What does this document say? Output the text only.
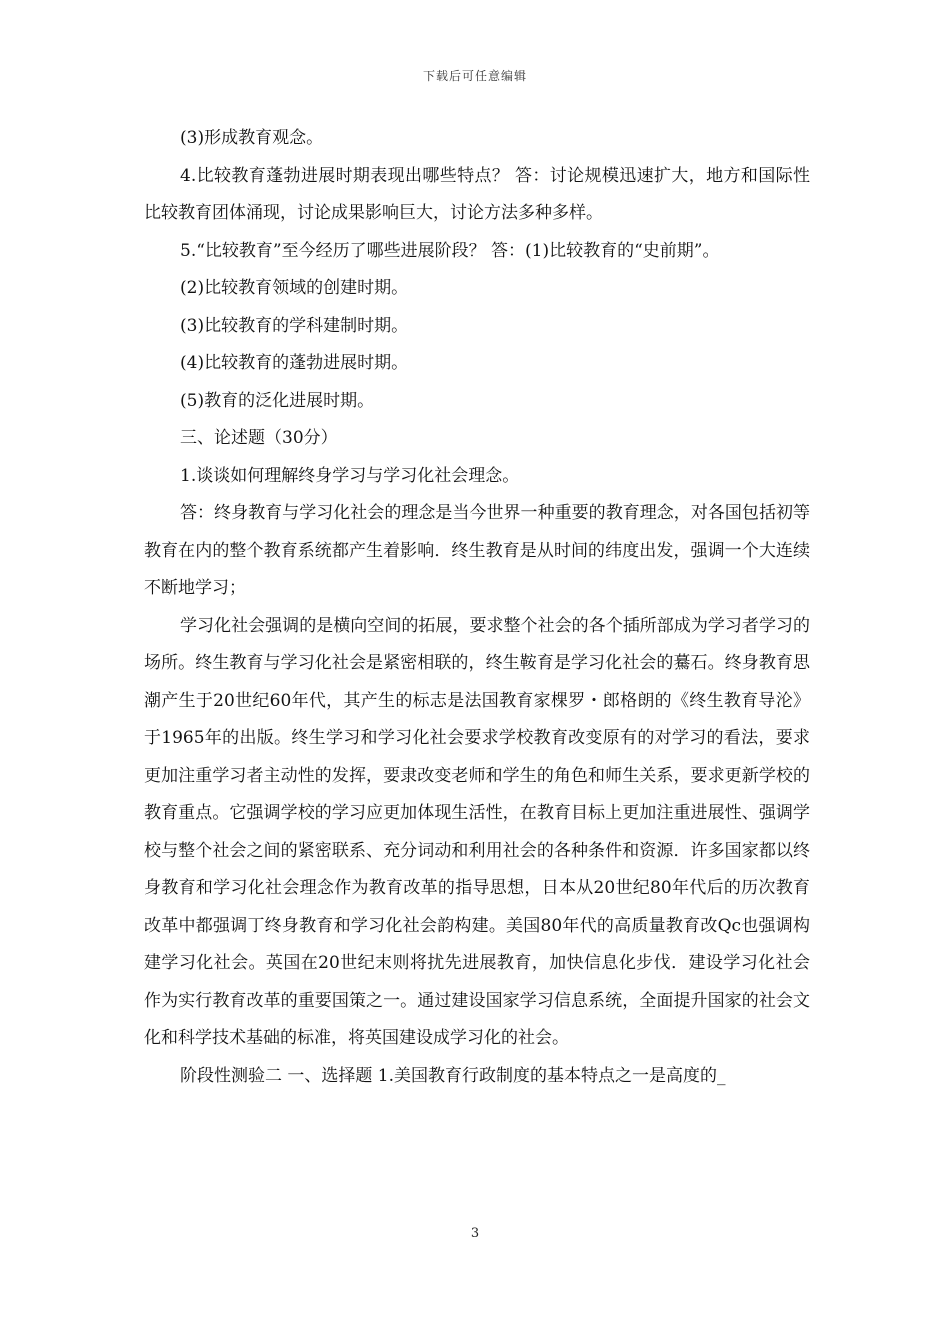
下载后可任意编辑

(3)形成教育观念。

4.比较教育蓬勃进展时期表现出哪些特点？ 答：讨论规模迅速扩大，地方和国际性比较教育团体涌现，讨论成果影响巨大，讨论方法多种多样。

5.“比较教育”至今经历了哪些进展阶段？ 答：(1)比较教育的“史前期”。

(2)比较教育领域的创建时期。

(3)比较教育的学科建制时期。

(4)比较教育的蓬勃进展时期。

(5)教育的泛化进展时期。

三、论述题（30分）

1.谈谈如何理解终身学习与学习化社会理念。

答：终身教育与学习化社会的理念是当今世界一种重要的教育理念，对各国包括初等教育在内的整个教育系统都产生着影响．终生教育是从时间的纬度出发，强调一个大连续不断地学习；

学习化社会强调的是横向空间的拓展，要求整个社会的各个插所部成为学习者学习的场所。终生教育与学习化社会是紧密相联的，终生鞍育是学习化社会的驀石。终身教育思潮产生于20世纪60年代，其产生的标志是法国教育家棵罗・郎格朗的《终生教育导沦》于1965年的出版。终生学习和学习化社会要求学校教育改变原有的对学习的看法，要求更加注重学习者主动性的发挥，要隶改变老师和学生的角色和师生关系，要求更新学校的教育重点。它强调学校的学习应更加体现生活性，在教育目标上更加注重进展性、强调学校与整个社会之间的紧密联系、充分词动和利用社会的各种条件和资源．许多国家都以终身教育和学习化社会理念作为教育改革的指导思想，日本从20世纪80年代后的历次教育改革中都强调丁终身教育和学习化社会韵构建。美国80年代的高质量教育改Qc也强调构建学习化社会。英国在20世纪末则将扰先进展教育，加快信息化步伐．建设学习化社会作为实行教育改革的重要国策之一。通过建设国家学习信息系统，全面提升国家的社会文化和科学技术基础的标准，将英国建设成学习化的社会。

阶段性测验二 一、选择题 1.美国教育行政制度的基本特点之一是高度的_

3
